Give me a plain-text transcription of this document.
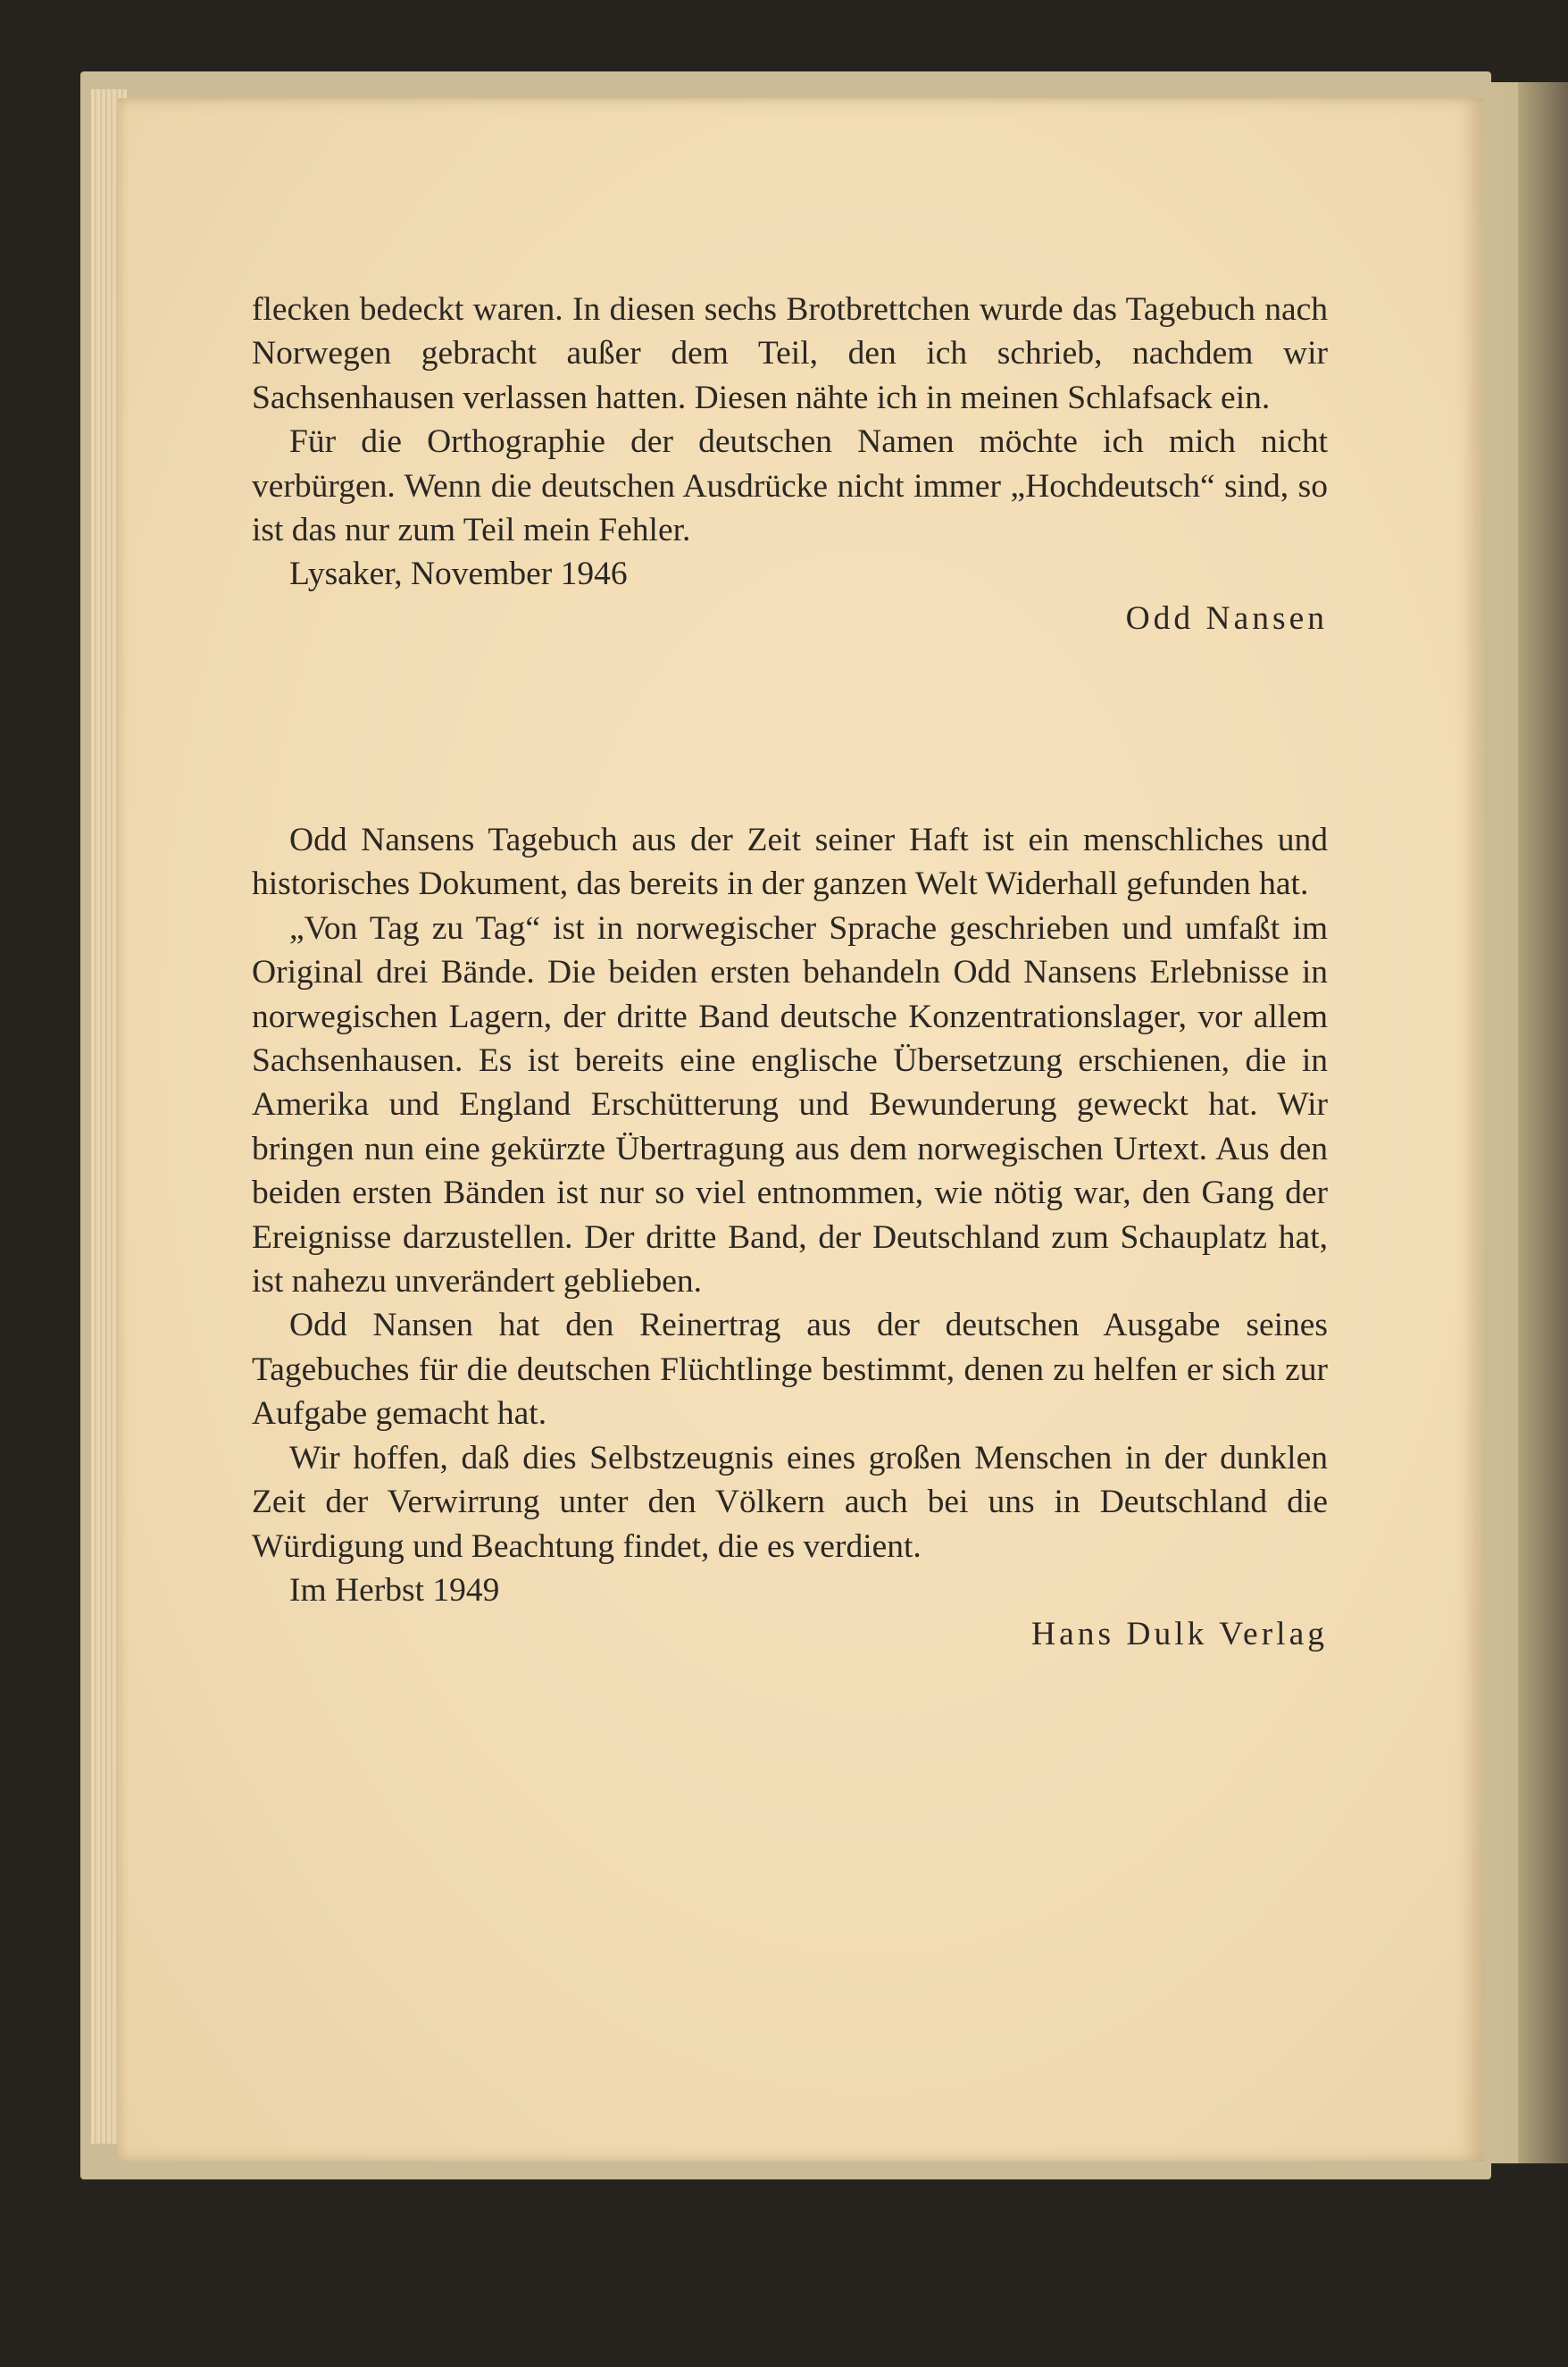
flecken bedeckt waren. In diesen sechs Brotbrettchen wurde das Tagebuch nach Norwegen gebracht außer dem Teil, den ich schrieb, nachdem wir Sachsenhausen verlassen hatten. Diesen nähte ich in meinen Schlafsack ein.

Für die Orthographie der deutschen Namen möchte ich mich nicht verbürgen. Wenn die deutschen Ausdrücke nicht immer „Hochdeutsch“ sind, so ist das nur zum Teil mein Fehler.

Lysaker, November 1946

Odd Nansen

Odd Nansens Tagebuch aus der Zeit seiner Haft ist ein menschliches und historisches Dokument, das bereits in der ganzen Welt Widerhall gefunden hat.

„Von Tag zu Tag“ ist in norwegischer Sprache geschrieben und umfaßt im Original drei Bände. Die beiden ersten behandeln Odd Nansens Erlebnisse in norwegischen Lagern, der dritte Band deutsche Konzentrationslager, vor allem Sachsenhausen. Es ist bereits eine englische Übersetzung erschienen, die in Amerika und England Erschütterung und Bewunderung geweckt hat. Wir bringen nun eine gekürzte Übertragung aus dem norwegischen Urtext. Aus den beiden ersten Bänden ist nur so viel entnommen, wie nötig war, den Gang der Ereignisse darzustellen. Der dritte Band, der Deutschland zum Schauplatz hat, ist nahezu unverändert geblieben.

Odd Nansen hat den Reinertrag aus der deutschen Ausgabe seines Tagebuches für die deutschen Flüchtlinge bestimmt, denen zu helfen er sich zur Aufgabe gemacht hat.

Wir hoffen, daß dies Selbstzeugnis eines großen Menschen in der dunklen Zeit der Verwirrung unter den Völkern auch bei uns in Deutschland die Würdigung und Beachtung findet, die es verdient.

Im Herbst 1949

Hans Dulk Verlag
